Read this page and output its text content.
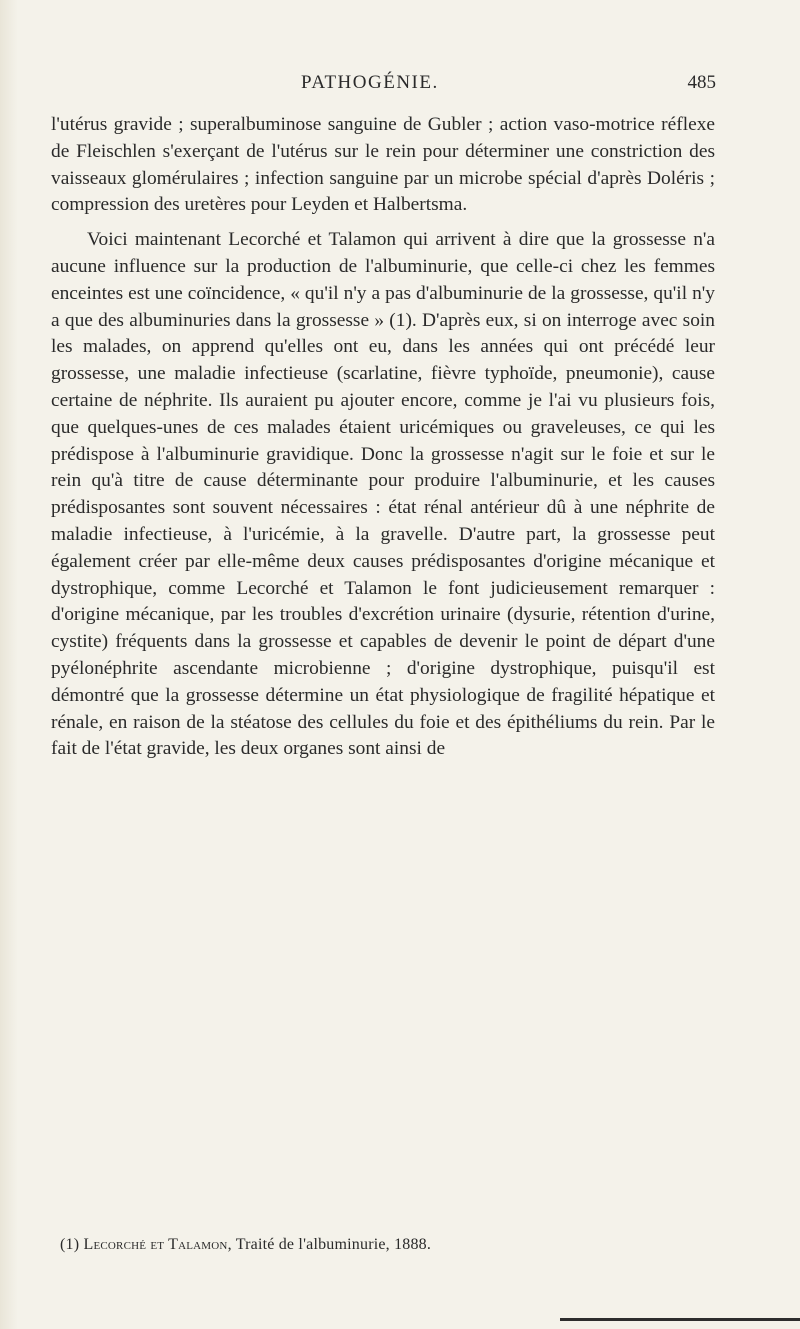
PATHOGÉNIE.	485

l'utérus gravide ; superalbuminose sanguine de Gubler ; action vaso-motrice réflexe de Fleischlen s'exerçant de l'utérus sur le rein pour déterminer une constriction des vaisseaux glomérulaires ; infection sanguine par un microbe spécial d'après Doléris ; compression des uretères pour Leyden et Halbertsma.

Voici maintenant Lecorché et Talamon qui arrivent à dire que la grossesse n'a aucune influence sur la production de l'albuminurie, que celle-ci chez les femmes enceintes est une coïncidence, « qu'il n'y a pas d'albuminurie de la grossesse, qu'il n'y a que des albuminuries dans la grossesse » (1). D'après eux, si on interroge avec soin les malades, on apprend qu'elles ont eu, dans les années qui ont précédé leur grossesse, une maladie infectieuse (scarlatine, fièvre typhoïde, pneumonie), cause certaine de néphrite. Ils auraient pu ajouter encore, comme je l'ai vu plusieurs fois, que quelques-unes de ces malades étaient uricémiques ou graveleuses, ce qui les prédispose à l'albuminurie gravidique. Donc la grossesse n'agit sur le foie et sur le rein qu'à titre de cause déterminante pour produire l'albuminurie, et les causes prédisposantes sont souvent nécessaires : état rénal antérieur dû à une néphrite de maladie infectieuse, à l'uricémie, à la gravelle. D'autre part, la grossesse peut également créer par elle-même deux causes prédisposantes d'origine mécanique et dystrophique, comme Lecorché et Talamon le font judicieusement remarquer : d'origine mécanique, par les troubles d'excrétion urinaire (dysurie, rétention d'urine, cystite) fréquents dans la grossesse et capables de devenir le point de départ d'une pyélonéphrite ascendante microbienne ; d'origine dystrophique, puisqu'il est démontré que la grossesse détermine un état physiologique de fragilité hépatique et rénale, en raison de la stéatose des cellules du foie et des épithéliums du rein. Par le fait de l'état gravide, les deux organes sont ainsi de

(1) Lecorché et Talamon, Traité de l'albuminurie, 1888.
